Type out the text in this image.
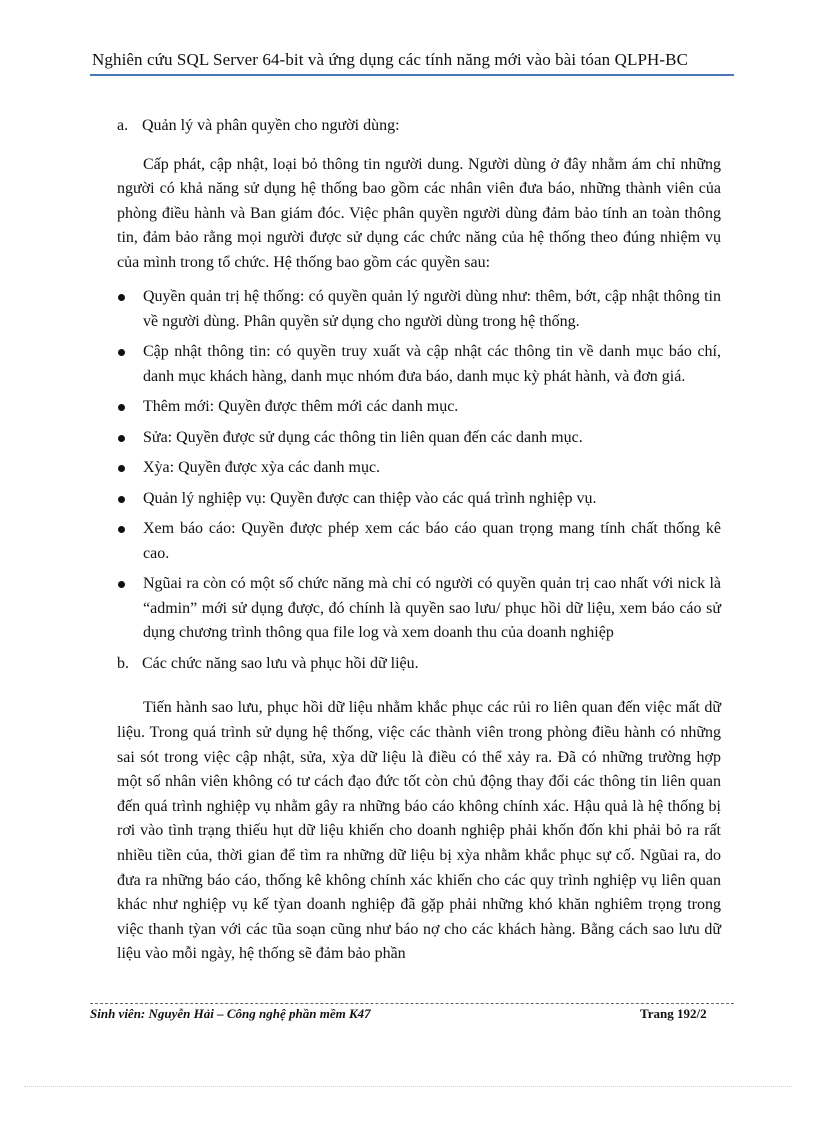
Nghiên cứu SQL Server 64-bit và ứng dụng các tính năng mới vào bài tóan QLPH-BC
a. Quản lý và phân quyền cho người dùng:

Cấp phát, cập nhật, loại bỏ thông tin người dung. Người dùng ở đây nhằm ám chỉ những người có khả năng sử dụng hệ thống bao gồm các nhân viên đưa báo, những thành viên của phòng điều hành và Ban giám đóc. Việc phân quyền người dùng đảm bảo tính an toàn thông tin, đảm bảo rằng mọi người được sử dụng các chức năng của hệ thống theo đúng nhiệm vụ của mình trong tổ chức. Hệ thống bao gồm các quyền sau:

Quyền quản trị hệ thống: có quyền quản lý người dùng như: thêm, bớt, cập nhật thông tin về người dùng. Phân quyền sử dụng cho người dùng trong hệ thống.
Cập nhật thông tin: có quyền truy xuất và cập nhật các thông tin về danh mục báo chí, danh mục khách hàng, danh mục nhóm đưa báo, danh mục kỳ phát hành, và đơn giá.
Thêm mới: Quyền được thêm mới các danh mục.
Sửa: Quyền được sử dụng các thông tin liên quan đến các danh mục.
Xỳa: Quyền được xỳa các danh mục.
Quản lý nghiệp vụ: Quyền được can thiệp vào các quá trình nghiệp vụ.
Xem báo cáo: Quyền được phép xem các báo cáo quan trọng mang tính chất thống kê cao.
Ngũai ra còn có một số chức năng mà chỉ có người có quyền quản trị cao nhất với nick là “admin” mới sử dụng được, đó chính là quyền sao lưu/ phục hồi dữ liệu, xem báo cáo sử dụng chương trình thông qua file log và xem doanh thu của doanh nghiệp
b. Các chức năng sao lưu và phục hồi dữ liệu.

Tiến hành sao lưu, phục hồi dữ liệu nhằm khắc phục các rủi ro liên quan đến việc mất dữ liệu. Trong quá trình sử dụng hệ thống, việc các thành viên trong phòng điều hành có những sai sót trong việc cập nhật, sửa, xỳa dữ liệu là điều có thể xảy ra. Đã có những trường hợp một số nhân viên không có tư cách đạo đức tốt còn chủ động thay đổi các thông tin liên quan đến quá trình nghiệp vụ nhằm gây ra những báo cáo không chính xác. Hậu quả là hệ thống bị rơi vào tình trạng thiếu hụt dữ liệu khiến cho doanh nghiệp phải khốn đốn khi phải bỏ ra rất nhiều tiền của, thời gian để tìm ra những dữ liệu bị xỳa nhằm khắc phục sự cố. Ngũai ra, do đưa ra những báo cáo, thống kê không chính xác khiến cho các quy trình nghiệp vụ liên quan khác như nghiệp vụ kế tỳan doanh nghiệp đã gặp phải những khó khăn nghiêm trọng trong việc thanh tỳan với các tũa soạn cũng như báo nợ cho các khách hàng. Bằng cách sao lưu dữ liệu vào mỗi ngày, hệ thống sẽ đảm bảo phần

Sinh viên: Nguyễn Hải – Công nghệ phần mềm K47	Trang 192/2
